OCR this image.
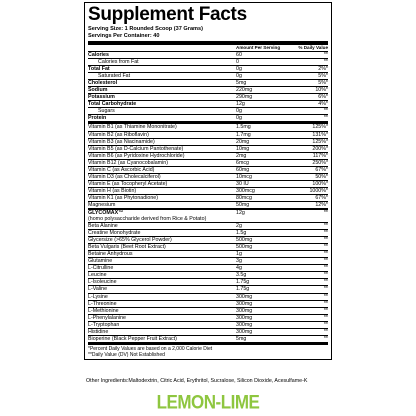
Supplement Facts
Serving Size: 1 Rounded Scoop (37 Grams)
Servings Per Container: 40
Amount Per Serving	% Daily Value
Calories	60	**
Calories from Fat	0	**
Total Fat	0g	2%*
Saturated Fat	0g	5%*
Cholesterol	5mg	5%*
Sodium	220mg	10%*
Potassium	290mg	6%*
Total Carbohydrate	12g	4%*
Sugars	0g	**
Protein	0g	**
Vitamin B1 (as Thiamine Mononitrate)	1.5mg	125%*
Vitamin B2 (as Riboflavin)	1.7mg	131%*
Vitamin B3 (as Niacinamide)	20mg	125%*
Vitamin B5 (as D-Calcium Pantothenate)	10mg	200%*
Vitamin B6 (as Pyridoxine Hydrochloride)	2mg	117%*
Vitamin B12 (as Cyanocobalamin)	6mcg	250%*
Vitamin C (as Ascorbic Acid)	60mg	67%*
Vitamin D3 (as Cholecalciferol)	10mcg	50%*
Vitamin E (as Tocopheryl Acetate)	30 IU	100%*
Vitamin H (as Biotin)	300mcg	1000%*
Vitamin K1 (as Phytonadione)	80mcg	67%*
Magnesium	50mg	12%*
GLYCOMAX™	12g	**
(homo polysaccharide derived from Rice & Potato)
Beta Alanine	2g	**
Creatine Monohydrate	1.5g	**
Glycersize (>65% Glycerol Powder)	500mg	**
Beta Vulgaris (Beet Root Extract)	500mg	**
Betaine Anhydrous	1g	**
Glutamine	3g	**
L-Citrulline	4g	**
Leucine	3.5g	**
L-Isoleucine	1.75g	**
L-Valine	1.75g	**
L-Lysine	300mg	**
L-Threonine	300mg	**
L-Methionine	300mg	**
L-Phenylalanine	300mg	**
L-Tryptophan	300mg	**
Histidine	300mg	**
Bioperine (Black Pepper Fruit Extract)	5mg	**
*Percent Daily Values are based on a 2,000 Calorie Diet
**Daily Value (DV) Not Established
Other Ingredients:Maltodextrin, Citric Acid, Erythritol, Sucralose, Silicon Dioxide, Acesulfame-K
LEMON-LIME
